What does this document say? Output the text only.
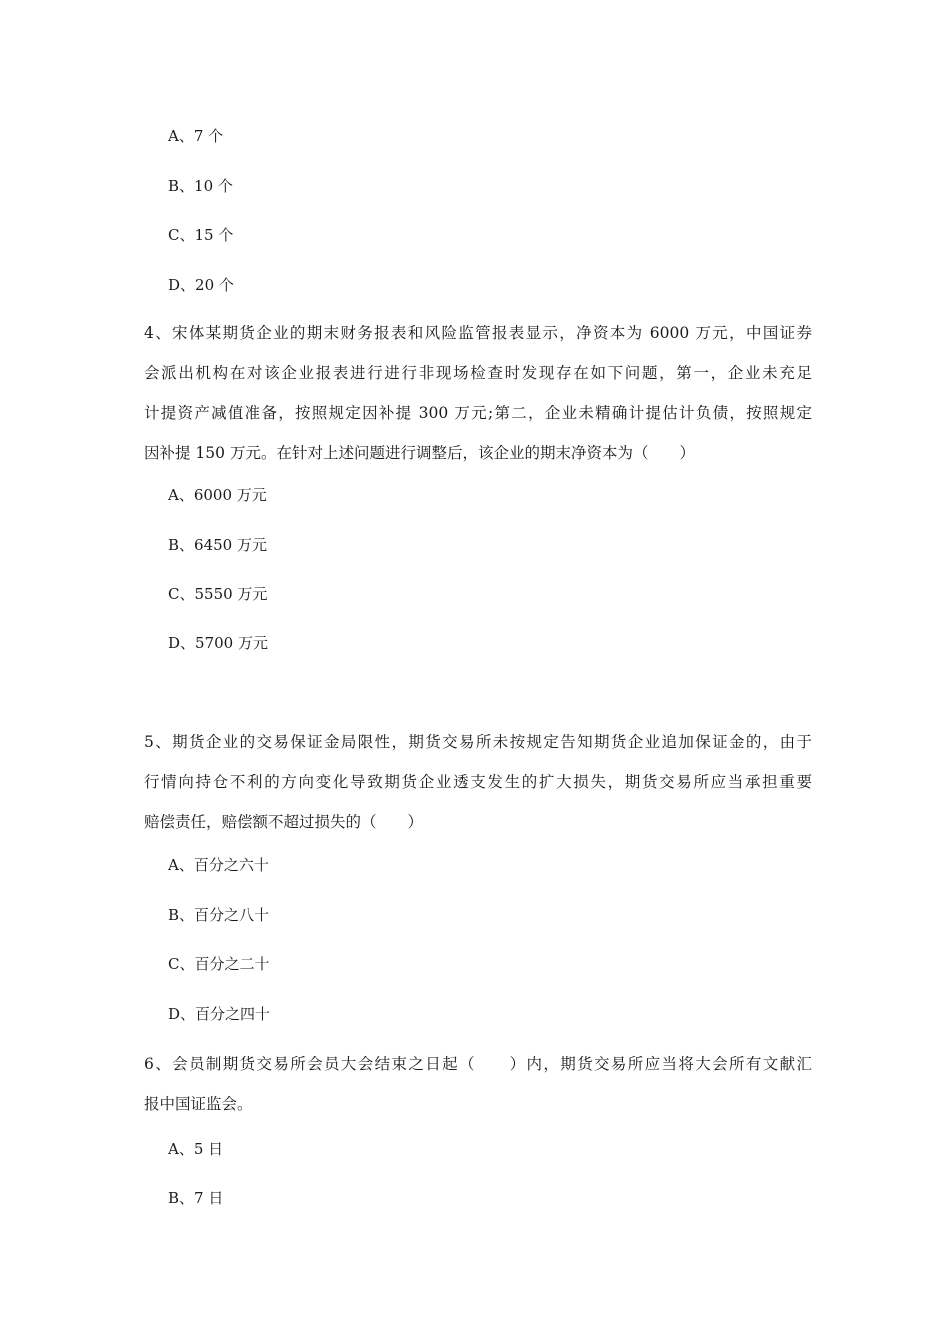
A、7 个
B、10 个
C、15 个
D、20 个
4、宋体某期货企业的期末财务报表和风险监管报表显示，净资本为 6000 万元，中国证券
会派出机构在对该企业报表进行进行非现场检查时发现存在如下问题，第一，企业未充足
计提资产减值准备，按照规定因补提 300 万元;第二，企业未精确计提估计负债，按照规定
因补提 150 万元。在针对上述问题进行调整后，该企业的期末净资本为（　　）
A、6000 万元
B、6450 万元
C、5550 万元
D、5700 万元
5、期货企业的交易保证金局限性，期货交易所未按规定告知期货企业追加保证金的，由于
行情向持仓不利的方向变化导致期货企业透支发生的扩大损失，期货交易所应当承担重要
赔偿责任，赔偿额不超过损失的（　　）
A、百分之六十
B、百分之八十
C、百分之二十
D、百分之四十
6、会员制期货交易所会员大会结束之日起（　　）内，期货交易所应当将大会所有文献汇
报中国证监会。
A、5 日
B、7 日
